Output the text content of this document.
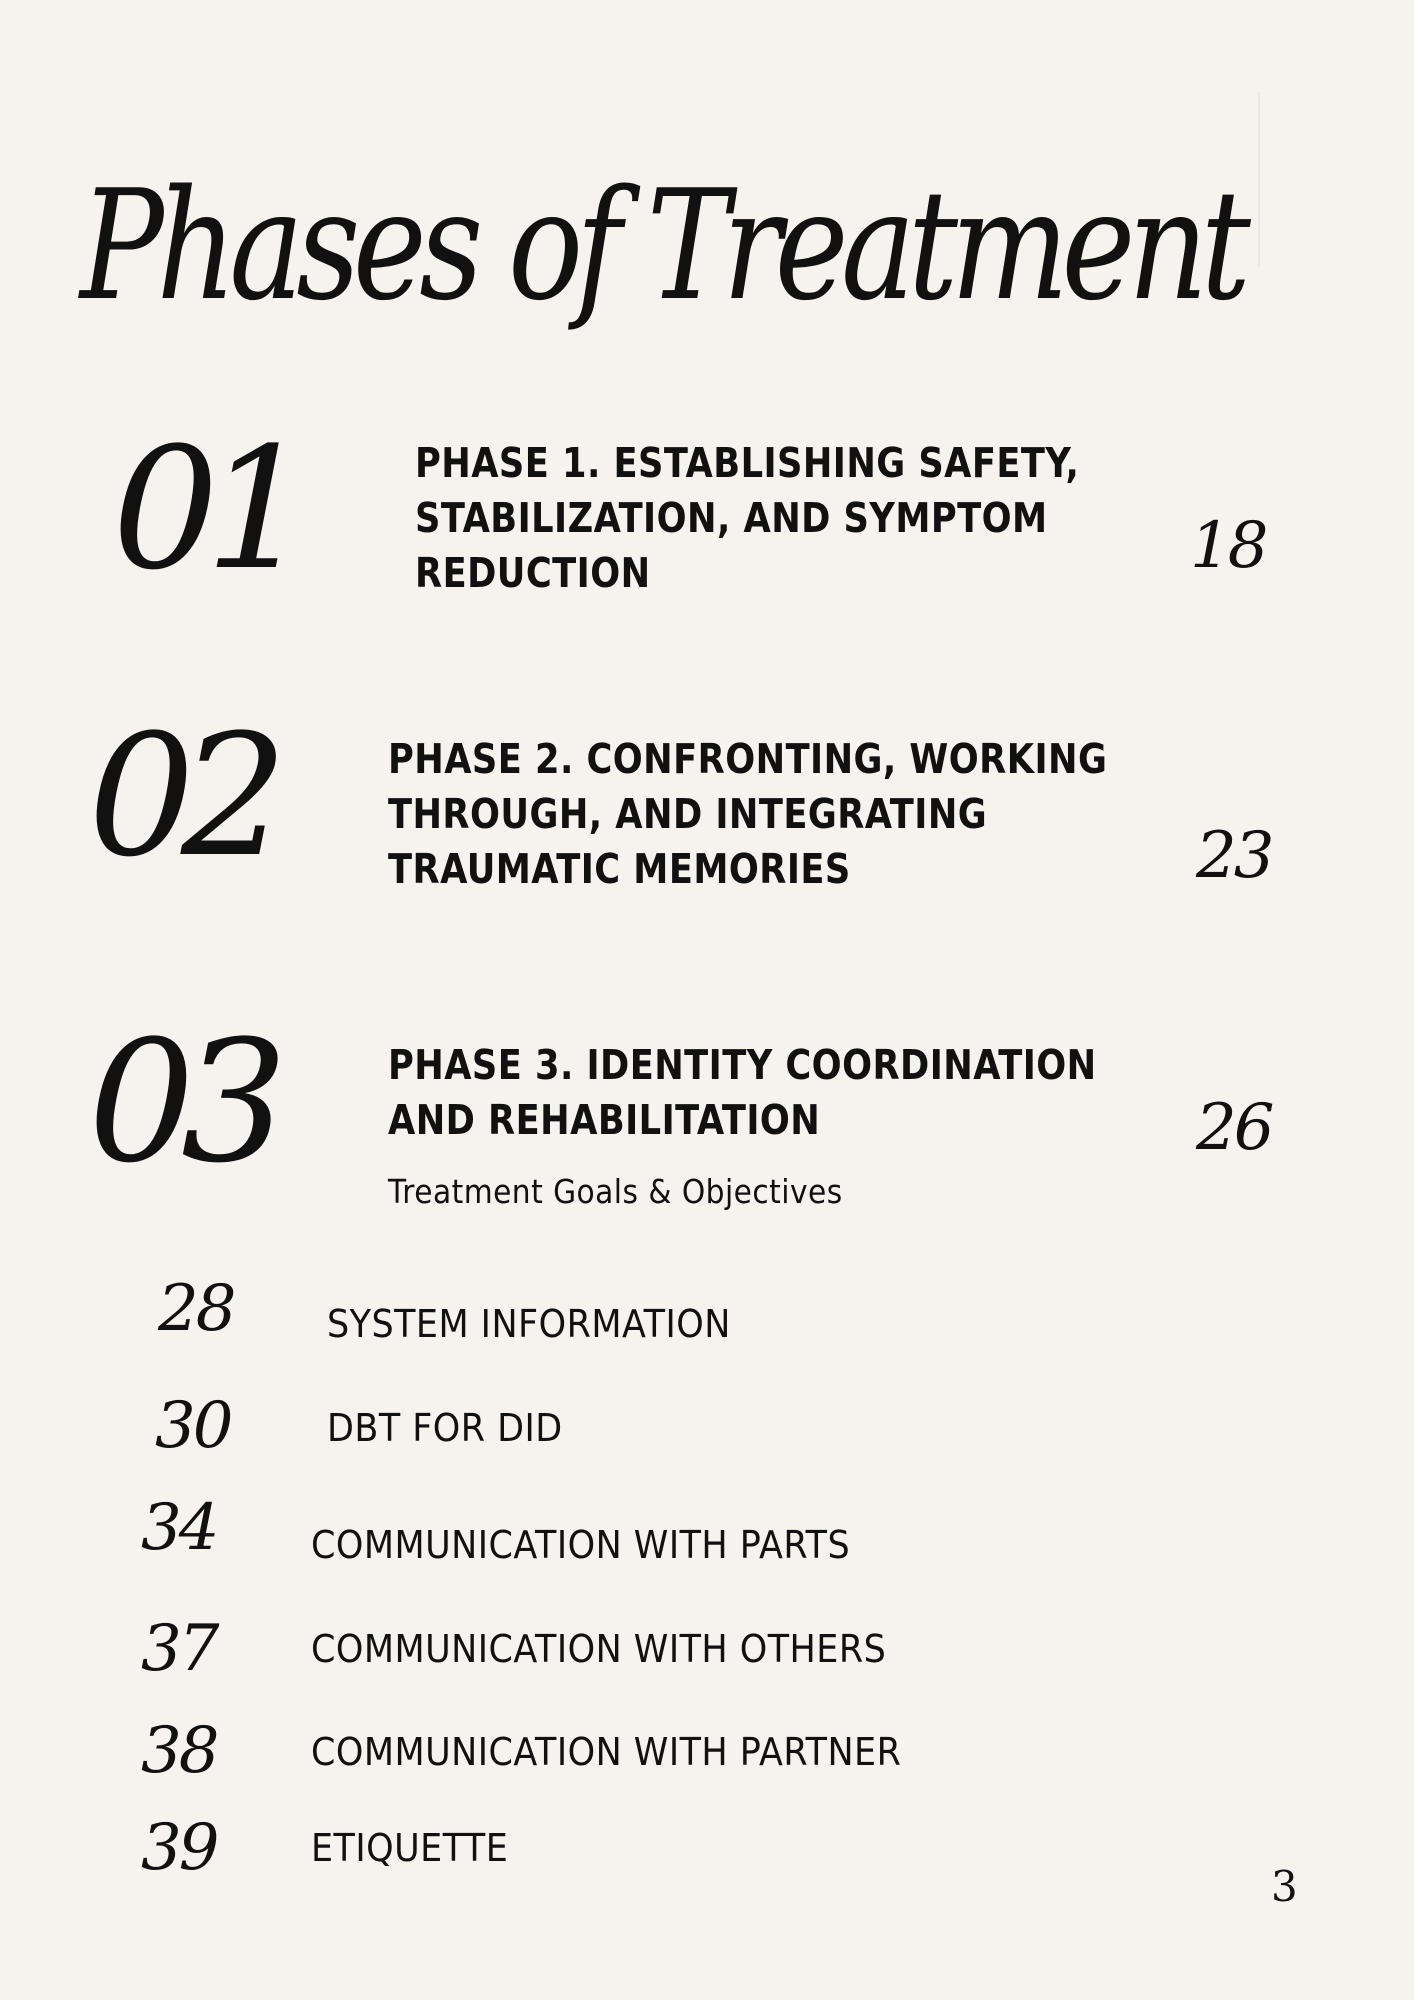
Phases of Treatment
01	PHASE 1. ESTABLISHING SAFETY,
STABILIZATION, AND SYMPTOM
REDUCTION	18
02	PHASE 2. CONFRONTING, WORKING
THROUGH, AND INTEGRATING
TRAUMATIC MEMORIES	23
03	PHASE 3. IDENTITY COORDINATION
AND REHABILITATION	26
Treatment Goals & Objectives
28 SYSTEM INFORMATION
30	DBT FOR DID
34 COMMUNICATION WITH PARTS
37 COMMUNICATION WITH OTHERS
38 COMMUNICATION WITH PARTNER
39 ETIQUETTE
3
